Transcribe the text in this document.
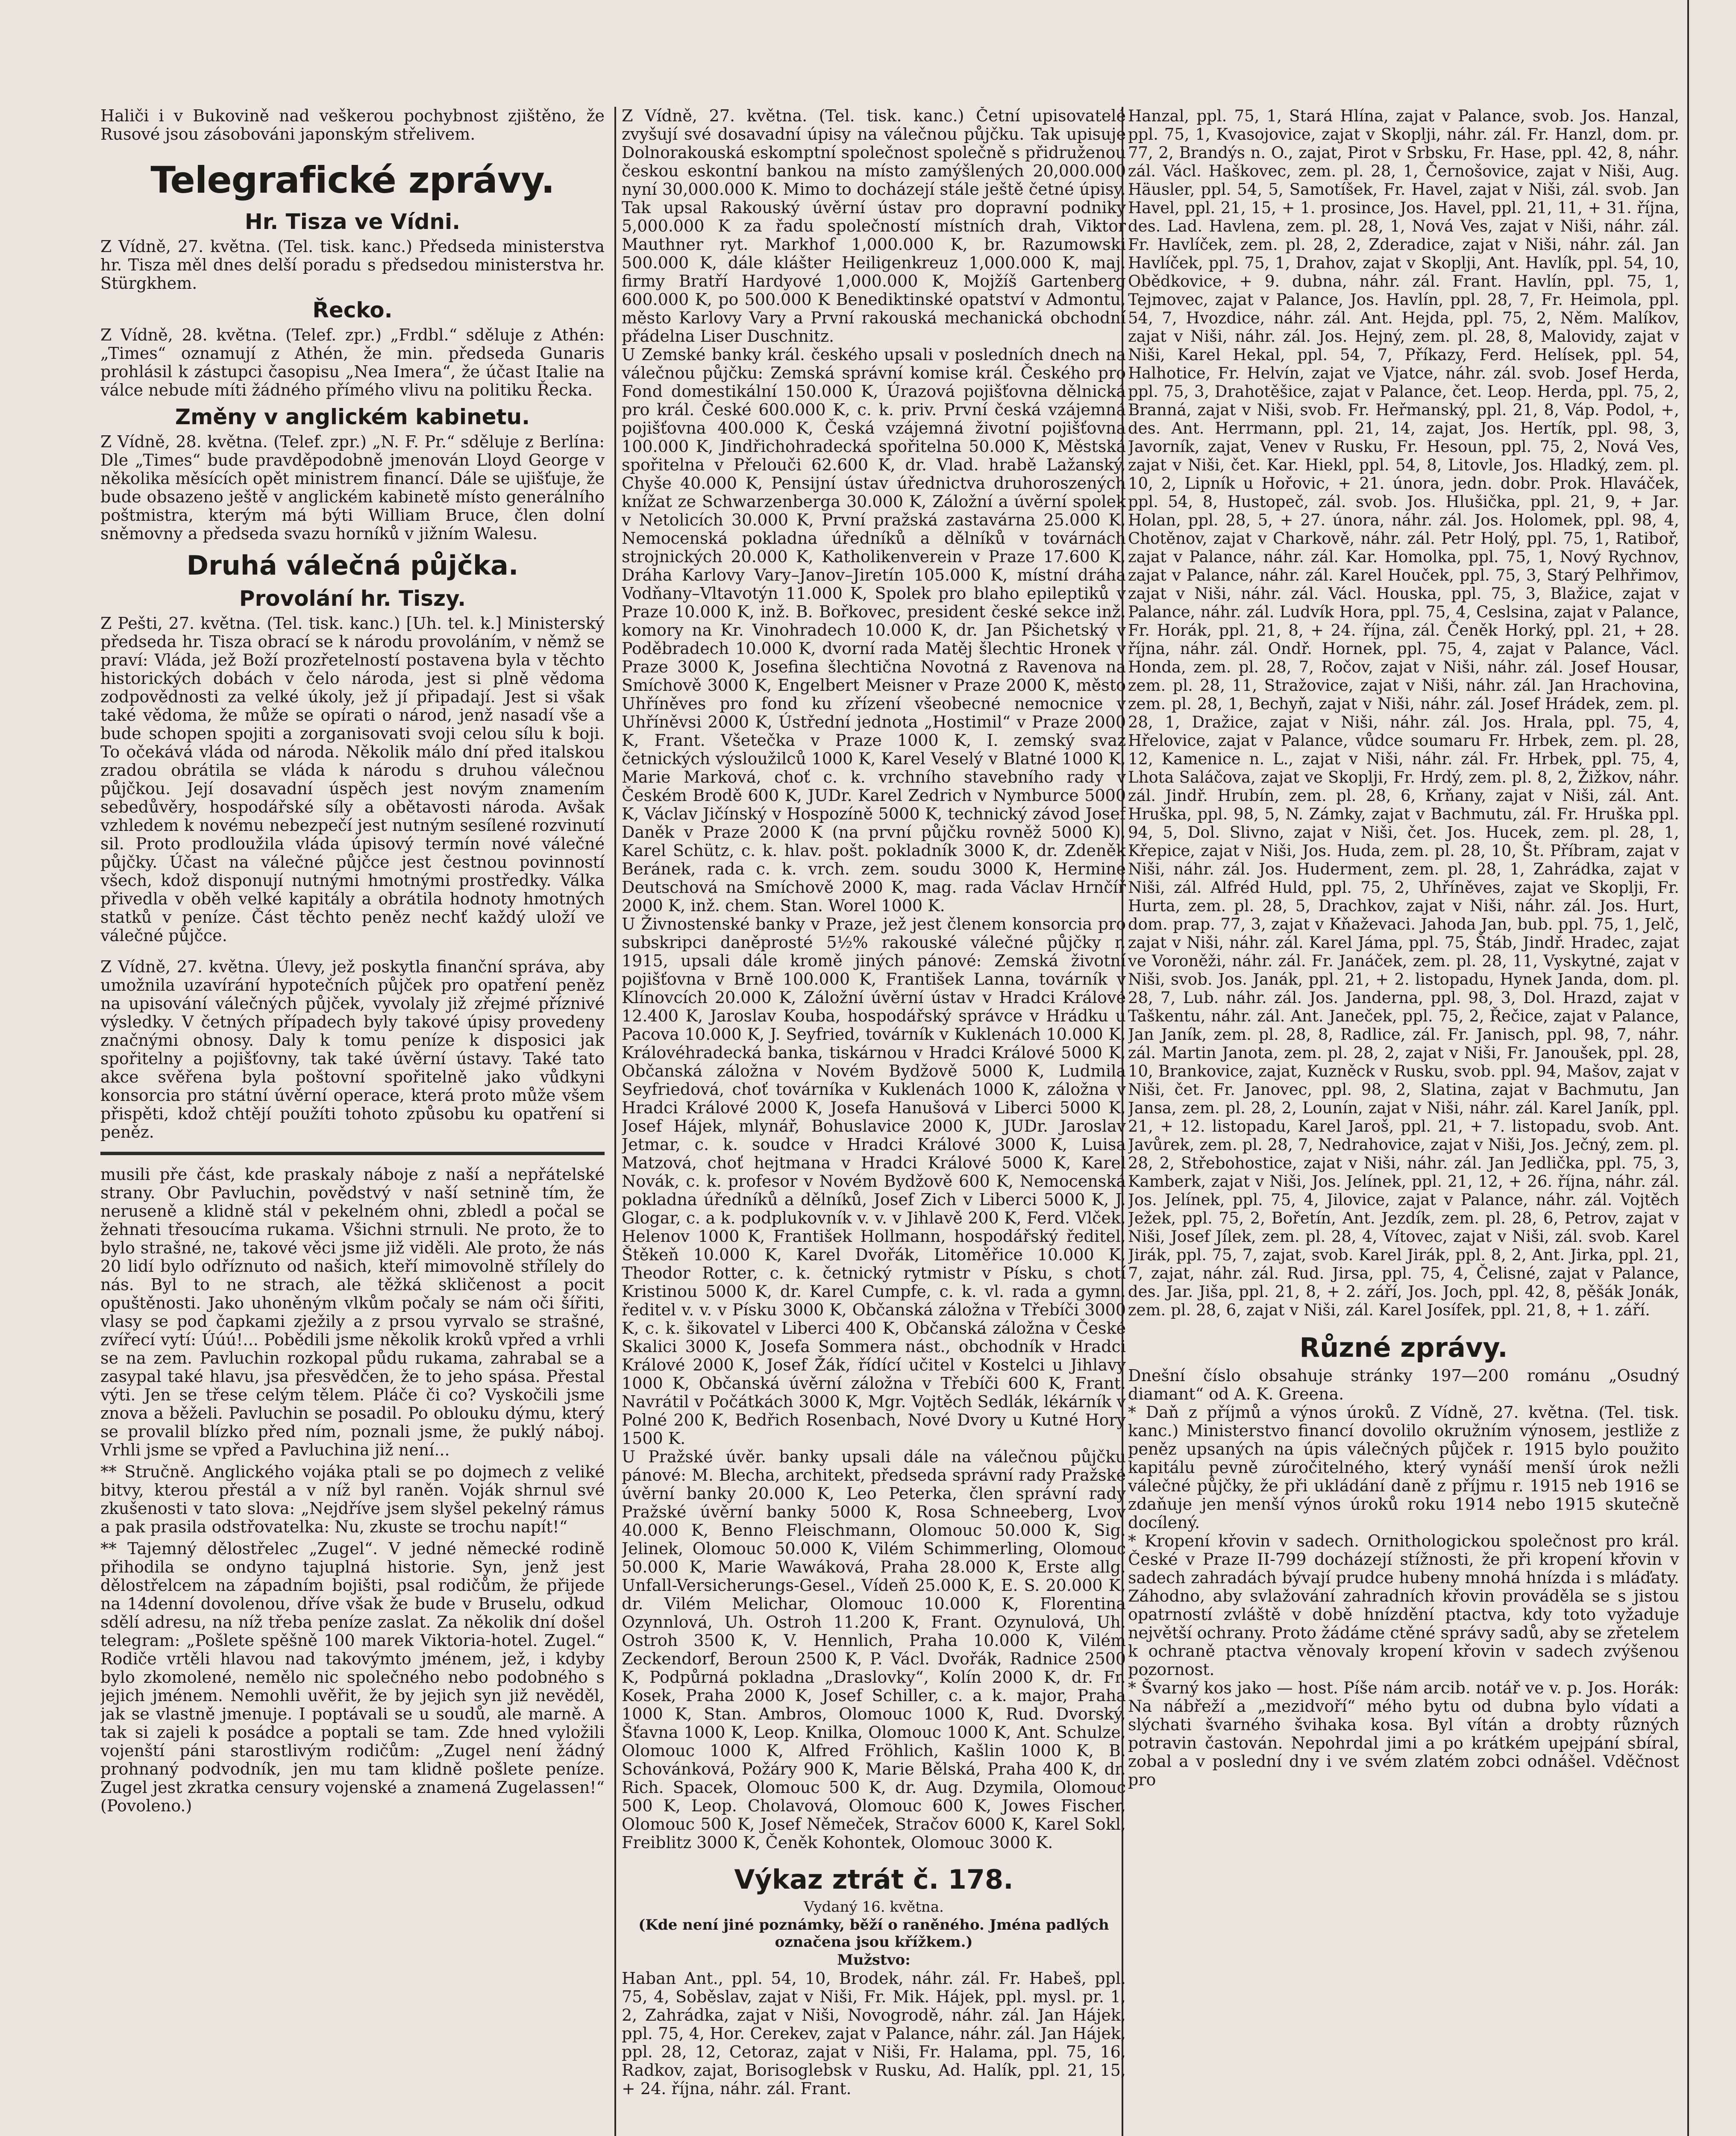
Haliči i v Bukovině nad veškerou pochybnost zjištěno, že Rusové jsou zásobováni japonským střelivem.

Telegrafické zprávy.
Hr. Tisza ve Vídni.

Z Vídně, 27. května. (Tel. tisk. kanc.) Předseda ministerstva hr. Tisza měl dnes delší poradu s předsedou ministerstva hr. Stürgkhem.

Řecko.

Z Vídně, 28. května. (Telef. zpr.) „Frdbl.“ sděluje z Athén: „Times“ oznamují z Athén, že min. předseda Gunaris prohlásil k zástupci časopisu „Nea Imera“, že účast Italie na válce nebude míti žádného přímého vlivu na politiku Řecka.

Změny v anglickém kabinetu.

Z Vídně, 28. května. (Telef. zpr.) „N. F. Pr.“ sděluje z Berlína: Dle „Times“ bude pravděpodobně jmenován Lloyd George v několika měsících opět ministrem financí. Dále se ujišťuje, že bude obsazeno ještě v anglickém kabinetě místo generálního poštmistra, kterým má býti William Bruce, člen dolní sněmovny a předseda svazu horníků v jižním Walesu.

Druhá válečná půjčka.
Provolání hr. Tiszy.

Z Pešti, 27. května. (Tel. tisk. kanc.) [Uh. tel. k.] Ministerský předseda hr. Tisza obrací se k národu provoláním, v němž se praví: Vláda, jež Boží prozřetelností postavena byla v těchto historických dobách v čelo národa, jest si plně vědoma zodpovědnosti za velké úkoly, jež jí připadají. Jest si však také vědoma, že může se opírati o národ, jenž nasadí vše a bude schopen spojiti a zorganisovati svoji celou sílu k boji. To očekává vláda od národa. Několik málo dní před italskou zradou obrátila se vláda k národu s druhou válečnou půjčkou. Její dosavadní úspěch jest novým znamením sebedůvěry, hospodářské síly a obětavosti národa. Avšak vzhledem k novému nebezpečí jest nutným sesílené rozvinutí sil. Proto prodloužila vláda úpisový termín nové válečné půjčky. Účast na válečné půjčce jest čestnou povinností všech, kdož disponují nutnými hmotnými prostředky. Válka přivedla v oběh velké kapitály a obrátila hodnoty hmotných statků v peníze. Část těchto peněz nechť každý uloží ve válečné půjčce.

Z Vídně, 27. května. Úlevy, jež poskytla finanční správa, aby umožnila uzavírání hypotečních půjček pro opatření peněz na upisování válečných půjček, vyvolaly již zřejmé příznivé výsledky. V četných případech byly takové úpisy provedeny značnými obnosy. Daly k tomu peníze k disposici jak spořitelny a pojišťovny, tak také úvěrní ústavy. Také tato akce svěřena byla poštovní spořitelně jako vůdkyni konsorcia pro státní úvěrní operace, která proto může všem přispěti, kdož chtějí použíti tohoto způsobu ku opatření si peněz.

musili pře část, kde praskaly náboje z naší a nepřátelské strany. Obr Pavluchin, povědstvý v naší setnině tím, že neruseně a klidně stál v pekelném ohni, zbledl a počal se žehnati třesoucíma rukama. Všichni strnuli. Ne proto, že to bylo strašné, ne, takové věci jsme již viděli. Ale proto, že nás 20 lidí bylo odříznuto od našich, kteří mimovolně střílely do nás. Byl to ne strach, ale těžká skličenost a pocit opuštěnosti. Jako uhoněným vlkům počaly se nám oči šířiti, vlasy se pod čapkami zježily a z prsou vyrvalo se strašné, zvířecí vytí: Úúú!... Pobědili jsme několik kroků vpřed a vrhli se na zem. Pavluchin rozkopal půdu rukama, zahrabal se a zasypal také hlavu, jsa přesvědčen, že to jeho spása. Přestal výti. Jen se třese celým tělem. Pláče či co? Vyskočili jsme znova a běželi. Pavluchin se posadil. Po oblouku dýmu, který se provalil blízko před ním, poznali jsme, že puklý náboj. Vrhli jsme se vpřed a Pavluchina již není...

** Stručně. Anglického vojáka ptali se po dojmech z veliké bitvy, kterou přestál a v níž byl raněn. Voják shrnul své zkušenosti v tato slova: „Nejdříve jsem slyšel pekelný rámus a pak prasila odstřovatelka: Nu, zkuste se trochu napít!“

** Tajemný dělostřelec „Zugel“. V jedné německé rodině přihodila se ondyno tajuplná historie. Syn, jenž jest dělostřelcem na západním bojišti, psal rodičům, že přijede na 14denní dovolenou, dříve však že bude v Bruselu, odkud sdělí adresu, na níž třeba peníze zaslat. Za několik dní došel telegram: „Pošlete spěšně 100 marek Viktoria-hotel. Zugel.“ Rodiče vrtěli hlavou nad takovýmto jménem, jež, i kdyby bylo zkomolené, nemělo nic společného nebo podobného s jejich jménem. Nemohli uvěřit, že by jejich syn již nevěděl, jak se vlastně jmenuje. I poptávali se u soudů, ale marně. A tak si zajeli k posádce a poptali se tam. Zde hned vyložili vojenští páni starostlivým rodičům: „Zugel není žádný prohnaný podvodník, jen mu tam klidně pošlete peníze. Zugel jest zkratka censury vojenské a znamená Zugelassen!“ (Povoleno.)

Z Vídně, 27. května. (Tel. tisk. kanc.) Četní upisovatelé zvyšují své dosavadní úpisy na válečnou půjčku. Tak upisuje Dolnorakouská eskomptní společnost společně s přidruženou českou eskontní bankou na místo zamýšlených 20,000.000 nyní 30,000.000 K. Mimo to docházejí stále ještě četné úpisy. Tak upsal Rakouský úvěrní ústav pro dopravní podniky 5,000.000 K za řadu společností místních drah, Viktor Mauthner ryt. Markhof 1,000.000 K, br. Razumowski 500.000 K, dále klášter Heiligenkreuz 1,000.000 K, maj. firmy Bratří Hardyové 1,000.000 K, Mojžíš Gartenberg 600.000 K, po 500.000 K Benediktinské opatství v Admontu, město Karlovy Vary a První rakouská mechanická obchodní přádelna Liser Duschnitz.

U Zemské banky král. českého upsali v posledních dnech na válečnou půjčku: Zemská správní komise král. Českého pro Fond domestikální 150.000 K, Úrazová pojišťovna dělnická pro král. České 600.000 K, c. k. priv. První česká vzájemná pojišťovna 400.000 K, Česká vzájemná životní pojišťovna 100.000 K, Jindřichohradecká spořitelna 50.000 K, Městská spořitelna v Přelouči 62.600 K, dr. Vlad. hrabě Lažanský, Chyše 40.000 K, Pensijní ústav úřednictva druhoroszených knížat ze Schwarzenberga 30.000 K, Záložní a úvěrní spolek v Netolicích 30.000 K, První pražská zastavárna 25.000 K, Nemocenská pokladna úředníků a dělníků v továrnách strojnických 20.000 K, Katholikenverein v Praze 17.600 K, Dráha Karlovy Vary–Janov–Jiretín 105.000 K, místní dráha Vodňany–Vltavotýn 11.000 K, Spolek pro blaho epileptiků v Praze 10.000 K, inž. B. Bořkovec, president české sekce inž. komory na Kr. Vinohradech 10.000 K, dr. Jan Pšichetský v Poděbradech 10.000 K, dvorní rada Matěj šlechtic Hronek v Praze 3000 K, Josefina šlechtična Novotná z Ravenova na Smíchově 3000 K, Engelbert Meisner v Praze 2000 K, město Uhříněves pro fond ku zřízení všeobecné nemocnice v Uhříněvsi 2000 K, Ústřední jednota „Hostimil“ v Praze 2000 K, Frant. Všetečka v Praze 1000 K, I. zemský svaz četnických výsloužilců 1000 K, Karel Veselý v Blatné 1000 K, Marie Marková, choť c. k. vrchního stavebního rady v Českém Brodě 600 K, JUDr. Karel Zedrich v Nymburce 5000 K, Václav Jičínský v Hospozíně 5000 K, technický závod Josef Daněk v Praze 2000 K (na první půjčku rovněž 5000 K), Karel Schütz, c. k. hlav. pošt. pokladník 3000 K, dr. Zdeněk Beránek, rada c. k. vrch. zem. soudu 3000 K, Hermine Deutschová na Smíchově 2000 K, mag. rada Václav Hrnčíř 2000 K, inž. chem. Stan. Worel 1000 K.

U Živnostenské banky v Praze, jež jest členem konsorcia pro subskripci daněprosté 5½% rakouské válečné půjčky r. 1915, upsali dále kromě jiných pánové: Zemská životní pojišťovna v Brně 100.000 K, František Lanna, továrník v Klínovcích 20.000 K, Záložní úvěrní ústav v Hradci Králové 12.400 K, Jaroslav Kouba, hospodářský správce v Hrádku u Pacova 10.000 K, J. Seyfried, továrník v Kuklenách 10.000 K, Královéhradecká banka, tiskárnou v Hradci Králové 5000 K, Občanská záložna v Novém Bydžově 5000 K, Ludmila Seyfriedová, choť továrníka v Kuklenách 1000 K, záložna v Hradci Králové 2000 K, Josefa Hanušová v Liberci 5000 K, Josef Hájek, mlynář, Bohuslavice 2000 K, JUDr. Jaroslav Jetmar, c. k. soudce v Hradci Králové 3000 K, Luisa Matzová, choť hejtmana v Hradci Králové 5000 K, Karel Novák, c. k. profesor v Novém Bydžově 600 K, Nemocenská pokladna úředníků a dělníků, Josef Zich v Liberci 5000 K, J. Glogar, c. a k. podplukovník v. v. v Jihlavě 200 K, Ferd. Vlček, Helenov 1000 K, František Hollmann, hospodářský ředitel, Štěkeň 10.000 K, Karel Dvořák, Litoměřice 10.000 K, Theodor Rotter, c. k. četnický rytmistr v Písku, s chotí Kristinou 5000 K, dr. Karel Cumpfe, c. k. vl. rada a gymn. ředitel v. v. v Písku 3000 K, Občanská záložna v Třebíči 3000 K, c. k. šikovatel v Liberci 400 K, Občanská záložna v České Skalici 3000 K, Josefa Sommera nást., obchodník v Hradci Králové 2000 K, Josef Žák, řídící učitel v Kostelci u Jihlavy 1000 K, Občanská úvěrní záložna v Třebíči 600 K, Frant. Navrátil v Počátkách 3000 K, Mgr. Vojtěch Sedlák, lékárník v Polné 200 K, Bedřich Rosenbach, Nové Dvory u Kutné Hory 1500 K.

U Pražské úvěr. banky upsali dále na válečnou půjčku pánové: M. Blecha, architekt, předseda správní rady Pražské úvěrní banky 20.000 K, Leo Peterka, člen správní rady Pražské úvěrní banky 5000 K, Rosa Schneeberg, Lvov 40.000 K, Benno Fleischmann, Olomouc 50.000 K, Sig. Jelinek, Olomouc 50.000 K, Vilém Schimmerling, Olomouc 50.000 K, Marie Wawáková, Praha 28.000 K, Erste allg. Unfall-Versicherungs-Gesel., Vídeň 25.000 K, E. S. 20.000 K, dr. Vilém Melichar, Olomouc 10.000 K, Florentina Ozynnlová, Uh. Ostroh 11.200 K, Frant. Ozynulová, Uh. Ostroh 3500 K, V. Hennlich, Praha 10.000 K, Vilém Zeckendorf, Beroun 2500 K, P. Václ. Dvořák, Radnice 2500 K, Podpůrná pokladna „Draslovky“, Kolín 2000 K, dr. Fr. Kosek, Praha 2000 K, Josef Schiller, c. a k. major, Praha 1000 K, Stan. Ambros, Olomouc 1000 K, Rud. Dvorský, Šťavna 1000 K, Leop. Knilka, Olomouc 1000 K, Ant. Schulze, Olomouc 1000 K, Alfred Fröhlich, Kašlin 1000 K, B. Schovánková, Požáry 900 K, Marie Bělská, Praha 400 K, dr. Rich. Spacek, Olomouc 500 K, dr. Aug. Dzymila, Olomouc 500 K, Leop. Cholavová, Olomouc 600 K, Jowes Fischer, Olomouc 500 K, Josef Němeček, Stračov 6000 K, Karel Sokl, Freiblitz 3000 K, Čeněk Kohontek, Olomouc 3000 K.

Výkaz ztrát č. 178.
Vydaný 16. května.
(Kde není jiné poznámky, běží o raněného. Jména padlých označena jsou křížkem.)
Mužstvo:

Haban Ant., ppl. 54, 10, Brodek, náhr. zál. Fr. Habeš, ppl. 75, 4, Soběslav, zajat v Niši, Fr. Mik. Hájek, ppl. mysl. pr. 1, 2, Zahrádka, zajat v Niši, Novogrodě, náhr. zál. Jan Hájek, ppl. 75, 4, Hor. Cerekev, zajat v Palance, náhr. zál. Jan Hájek, ppl. 28, 12, Cetoraz, zajat v Niši, Fr. Halama, ppl. 75, 16, Radkov, zajat, Borisoglebsk v Rusku, Ad. Halík, ppl. 21, 15, + 24. října, náhr. zál. Frant.

Hanzal, ppl. 75, 1, Stará Hlína, zajat v Palance, svob. Jos. Hanzal, ppl. 75, 1, Kvasojovice, zajat v Skoplji, náhr. zál. Fr. Hanzl, dom. pr. 77, 2, Brandýs n. O., zajat, Pirot v Srbsku, Fr. Hase, ppl. 42, 8, náhr. zál. Václ. Haškovec, zem. pl. 28, 1, Černošovice, zajat v Niši, Aug. Häusler, ppl. 54, 5, Samotíšek, Fr. Havel, zajat v Niši, zál. svob. Jan Havel, ppl. 21, 15, + 1. prosince, Jos. Havel, ppl. 21, 11, + 31. října, des. Lad. Havlena, zem. pl. 28, 1, Nová Ves, zajat v Niši, náhr. zál. Fr. Havlíček, zem. pl. 28, 2, Zderadice, zajat v Niši, náhr. zál. Jan Havlíček, ppl. 75, 1, Drahov, zajat v Skoplji, Ant. Havlík, ppl. 54, 10, Obědkovice, + 9. dubna, náhr. zál. Frant. Havlín, ppl. 75, 1, Tejmovec, zajat v Palance, Jos. Havlín, ppl. 28, 7, Fr. Heimola, ppl. 54, 7, Hvozdice, náhr. zál. Ant. Hejda, ppl. 75, 2, Něm. Malíkov, zajat v Niši, náhr. zál. Jos. Hejný, zem. pl. 28, 8, Malovidy, zajat v Niši, Karel Hekal, ppl. 54, 7, Příkazy, Ferd. Helísek, ppl. 54, Halhotice, Fr. Helvín, zajat ve Vjatce, náhr. zál. svob. Josef Herda, ppl. 75, 3, Drahotěšice, zajat v Palance, čet. Leop. Herda, ppl. 75, 2, Branná, zajat v Niši, svob. Fr. Heřmanský, ppl. 21, 8, Váp. Podol, +, des. Ant. Herrmann, ppl. 21, 14, zajat, Jos. Hertík, ppl. 98, 3, Javorník, zajat, Venev v Rusku, Fr. Hesoun, ppl. 75, 2, Nová Ves, zajat v Niši, čet. Kar. Hiekl, ppl. 54, 8, Litovle, Jos. Hladký, zem. pl. 10, 2, Lipník u Hořovic, + 21. února, jedn. dobr. Prok. Hlaváček, ppl. 54, 8, Hustopeč, zál. svob. Jos. Hlušička, ppl. 21, 9, + Jar. Holan, ppl. 28, 5, + 27. února, náhr. zál. Jos. Holomek, ppl. 98, 4, Chotěnov, zajat v Charkově, náhr. zál. Petr Holý, ppl. 75, 1, Ratiboř, zajat v Palance, náhr. zál. Kar. Homolka, ppl. 75, 1, Nový Rychnov, zajat v Palance, náhr. zál. Karel Houček, ppl. 75, 3, Starý Pelhřimov, zajat v Niši, náhr. zál. Václ. Houska, ppl. 75, 3, Blažice, zajat v Palance, náhr. zál. Ludvík Hora, ppl. 75, 4, Ceslsina, zajat v Palance, Fr. Horák, ppl. 21, 8, + 24. října, zál. Čeněk Horký, ppl. 21, + 28. října, náhr. zál. Ondř. Hornek, ppl. 75, 4, zajat v Palance, Václ. Honda, zem. pl. 28, 7, Ročov, zajat v Niši, náhr. zál. Josef Housar, zem. pl. 28, 11, Stražovice, zajat v Niši, náhr. zál. Jan Hrachovina, zem. pl. 28, 1, Bechyň, zajat v Niši, náhr. zál. Josef Hrádek, zem. pl. 28, 1, Dražice, zajat v Niši, náhr. zál. Jos. Hrala, ppl. 75, 4, Hřelovice, zajat v Palance, vůdce soumaru Fr. Hrbek, zem. pl. 28, 12, Kamenice n. L., zajat v Niši, náhr. zál. Fr. Hrbek, ppl. 75, 4, Lhota Saláčova, zajat ve Skoplji, Fr. Hrdý, zem. pl. 8, 2, Žižkov, náhr. zál. Jindř. Hrubín, zem. pl. 28, 6, Krňany, zajat v Niši, zál. Ant. Hruška, ppl. 98, 5, N. Zámky, zajat v Bachmutu, zál. Fr. Hruška ppl. 94, 5, Dol. Slivno, zajat v Niši, čet. Jos. Hucek, zem. pl. 28, 1, Křepice, zajat v Niši, Jos. Huda, zem. pl. 28, 10, Št. Příbram, zajat v Niši, náhr. zál. Jos. Huderment, zem. pl. 28, 1, Zahrádka, zajat v Niši, zál. Alfréd Huld, ppl. 75, 2, Uhříněves, zajat ve Skoplji, Fr. Hurta, zem. pl. 28, 5, Drachkov, zajat v Niši, náhr. zál. Jos. Hurt, dom. prap. 77, 3, zajat v Kňaževaci. Jahoda Jan, bub. ppl. 75, 1, Jelč, zajat v Niši, náhr. zál. Karel Jáma, ppl. 75, Štáb, Jindř. Hradec, zajat ve Voroněži, náhr. zál. Fr. Janáček, zem. pl. 28, 11, Vyskytné, zajat v Niši, svob. Jos. Janák, ppl. 21, + 2. listopadu, Hynek Janda, dom. pl. 28, 7, Lub. náhr. zál. Jos. Janderna, ppl. 98, 3, Dol. Hrazd, zajat v Taškentu, náhr. zál. Ant. Janeček, ppl. 75, 2, Řečice, zajat v Palance, Jan Janík, zem. pl. 28, 8, Radlice, zál. Fr. Janisch, ppl. 98, 7, náhr. zál. Martin Janota, zem. pl. 28, 2, zajat v Niši, Fr. Janoušek, ppl. 28, 10, Brankovice, zajat, Kuzněck v Rusku, svob. ppl. 94, Mašov, zajat v Niši, čet. Fr. Janovec, ppl. 98, 2, Slatina, zajat v Bachmutu, Jan Jansa, zem. pl. 28, 2, Lounín, zajat v Niši, náhr. zál. Karel Janík, ppl. 21, + 12. listopadu, Karel Jaroš, ppl. 21, + 7. listopadu, svob. Ant. Javůrek, zem. pl. 28, 7, Nedrahovice, zajat v Niši, Jos. Ječný, zem. pl. 28, 2, Střebohostice, zajat v Niši, náhr. zál. Jan Jedlička, ppl. 75, 3, Kamberk, zajat v Niši, Jos. Jelínek, ppl. 21, 12, + 26. října, náhr. zál. Jos. Jelínek, ppl. 75, 4, Jilovice, zajat v Palance, náhr. zál. Vojtěch Ježek, ppl. 75, 2, Bořetín, Ant. Jezdík, zem. pl. 28, 6, Petrov, zajat v Niši, Josef Jílek, zem. pl. 28, 4, Vítovec, zajat v Niši, zál. svob. Karel Jirák, ppl. 75, 7, zajat, svob. Karel Jirák, ppl. 8, 2, Ant. Jirka, ppl. 21, 7, zajat, náhr. zál. Rud. Jirsa, ppl. 75, 4, Čelisné, zajat v Palance, des. Jar. Jiša, ppl. 21, 8, + 2. září, Jos. Joch, ppl. 42, 8, pěšák Jonák, zem. pl. 28, 6, zajat v Niši, zál. Karel Josífek, ppl. 21, 8, + 1. září.

Různé zprávy.

Dnešní číslo obsahuje stránky 197—200 románu „Osudný diamant“ od A. K. Greena.

* Daň z příjmů a výnos úroků. Z Vídně, 27. května. (Tel. tisk. kanc.) Ministerstvo financí dovolilo okružním výnosem, jestliže z peněz upsaných na úpis válečných půjček r. 1915 bylo použito kapitálu pevně zúročitelného, který vynáší menší úrok nežli válečné půjčky, že při ukládání daně z příjmu r. 1915 neb 1916 se zdaňuje jen menší výnos úroků roku 1914 nebo 1915 skutečně docílený.

* Kropení křovin v sadech. Ornithologickou společnost pro král. České v Praze II-799 docházejí stížnosti, že při kropení křovin v sadech zahradách bývají prudce hubeny mnohá hnízda i s mláďaty. Záhodno, aby svlažování zahradních křovin prováděla se s jistou opatrností zvláště v době hnízdění ptactva, kdy toto vyžaduje největší ochrany. Proto žádáme ctěné správy sadů, aby se zřetelem k ochraně ptactva věnovaly kropení křovin v sadech zvýšenou pozornost.

* Švarný kos jako — host. Píše nám arcib. notář ve v. p. Jos. Horák: Na nábřeží a „mezidvoří“ mého bytu od dubna bylo vídati a slýchati švarného švihaka kosa. Byl vítán a drobty různých potravin častován. Nepohrdal jimi a po krátkém upejpání sbíral, zobal a v poslední dny i ve svém zlatém zobci odnášel. Vděčnost pro
